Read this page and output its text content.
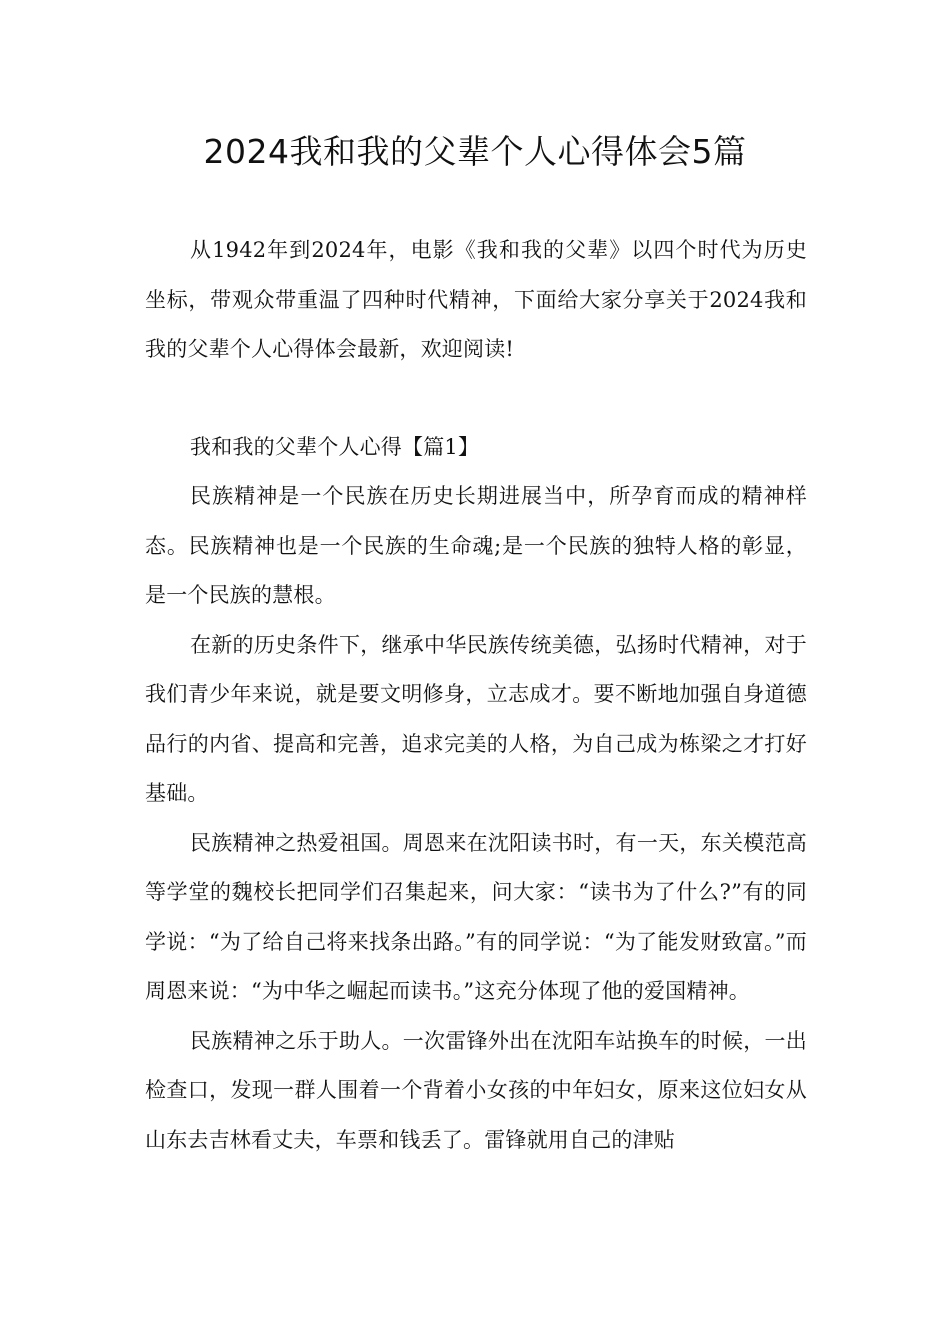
2024我和我的父辈个人心得体会5篇

从1942年到2024年，电影《我和我的父辈》以四个时代为历史坐标，带观众带重温了四种时代精神，下面给大家分享关于2024我和我的父辈个人心得体会最新，欢迎阅读!

我和我的父辈个人心得【篇1】

民族精神是一个民族在历史长期进展当中，所孕育而成的精神样态。民族精神也是一个民族的生命魂;是一个民族的独特人格的彰显，是一个民族的慧根。

在新的历史条件下，继承中华民族传统美德，弘扬时代精神，对于我们青少年来说，就是要文明修身，立志成才。要不断地加强自身道德品行的内省、提高和完善，追求完美的人格，为自己成为栋梁之才打好基础。

民族精神之热爱祖国。周恩来在沈阳读书时，有一天，东关模范高等学堂的魏校长把同学们召集起来，问大家：“读书为了什么?”有的同学说：“为了给自己将来找条出路。”有的同学说：“为了能发财致富。”而周恩来说：“为中华之崛起而读书。”这充分体现了他的爱国精神。

民族精神之乐于助人。一次雷锋外出在沈阳车站换车的时候，一出检查口，发现一群人围着一个背着小女孩的中年妇女，原来这位妇女从山东去吉林看丈夫，车票和钱丢了。雷锋就用自己的津贴
